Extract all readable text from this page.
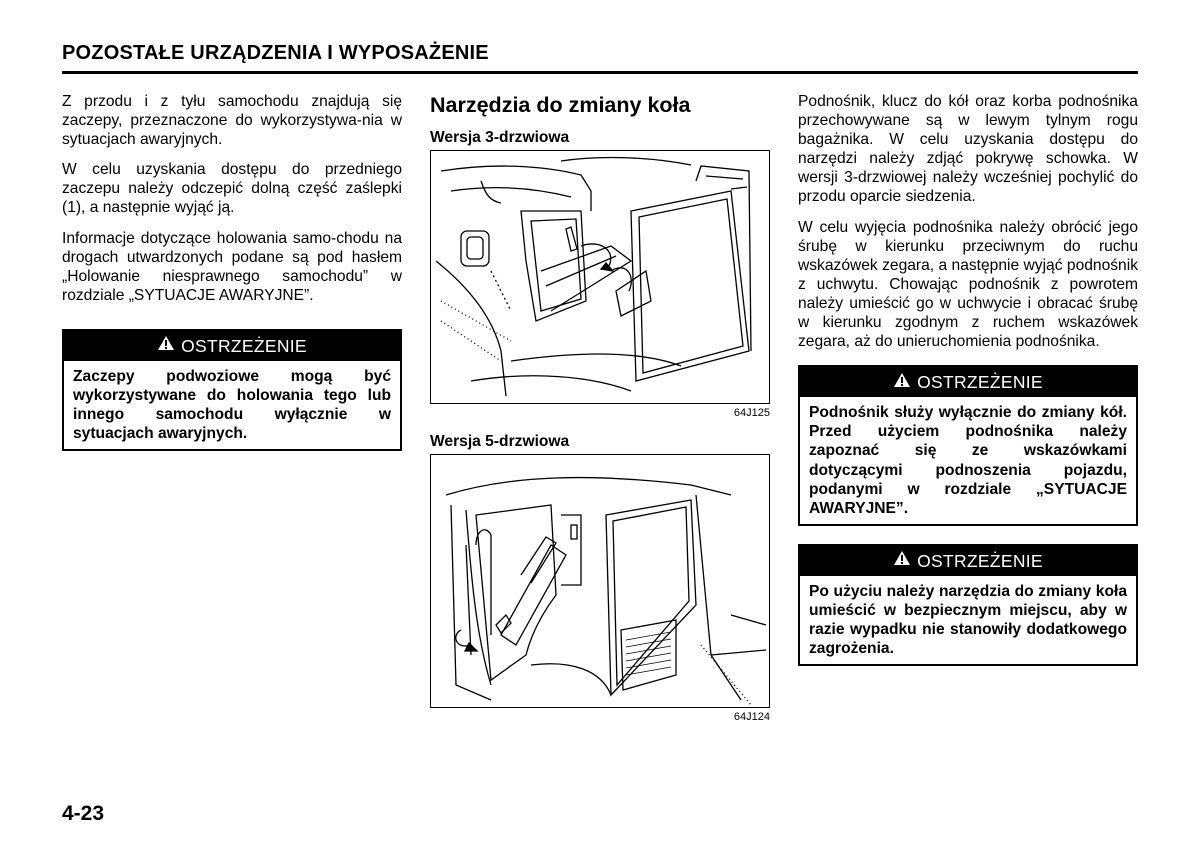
POZOSTAŁE URZĄDZENIA I WYPOSAŻENIE

Z przodu i z tyłu samochodu znajdują się zaczepy, przeznaczone do wykorzystywa-nia w sytuacjach awaryjnych.

W celu uzyskania dostępu do przedniego zaczepu należy odczepić dolną część zaślepki (1), a następnie wyjąć ją.

Informacje dotyczące holowania samo-chodu na drogach utwardzonych podane są pod hasłem „Holowanie niesprawnego samochodu” w rozdziale „SYTUACJE AWARYJNE”.

OSTRZEŻENIE
Zaczepy podwoziowe mogą być wykorzystywane do holowania tego lub innego samochodu wyłącznie w sytuacjach awaryjnych.
Narzędzia do zmiany koła
Wersja 3-drzwiowa
64J125
Wersja 5-drzwiowa
64J124

Podnośnik, klucz do kół oraz korba podnośnika przechowywane są w lewym tylnym rogu bagażnika. W celu uzyskania dostępu do narzędzi należy zdjąć pokrywę schowka. W wersji 3-drzwiowej należy wcześniej pochylić do przodu oparcie siedzenia.

W celu wyjęcia podnośnika należy obrócić jego śrubę w kierunku przeciwnym do ruchu wskazówek zegara, a następnie wyjąć podnośnik z uchwytu. Chowając podnośnik z powrotem należy umieścić go w uchwycie i obracać śrubę w kierunku zgodnym z ruchem wskazówek zegara, aż do unieruchomienia podnośnika.

OSTRZEŻENIE
Podnośnik służy wyłącznie do zmiany kół. Przed użyciem podnośnika należy zapoznać się ze wskazówkami dotyczącymi podnoszenia pojazdu, podanymi w rozdziale „SYTUACJE AWARYJNE”.
OSTRZEŻENIE
Po użyciu należy narzędzia do zmiany koła umieścić w bezpiecznym miejscu, aby w razie wypadku nie stanowiły dodatkowego zagrożenia.
4-23
